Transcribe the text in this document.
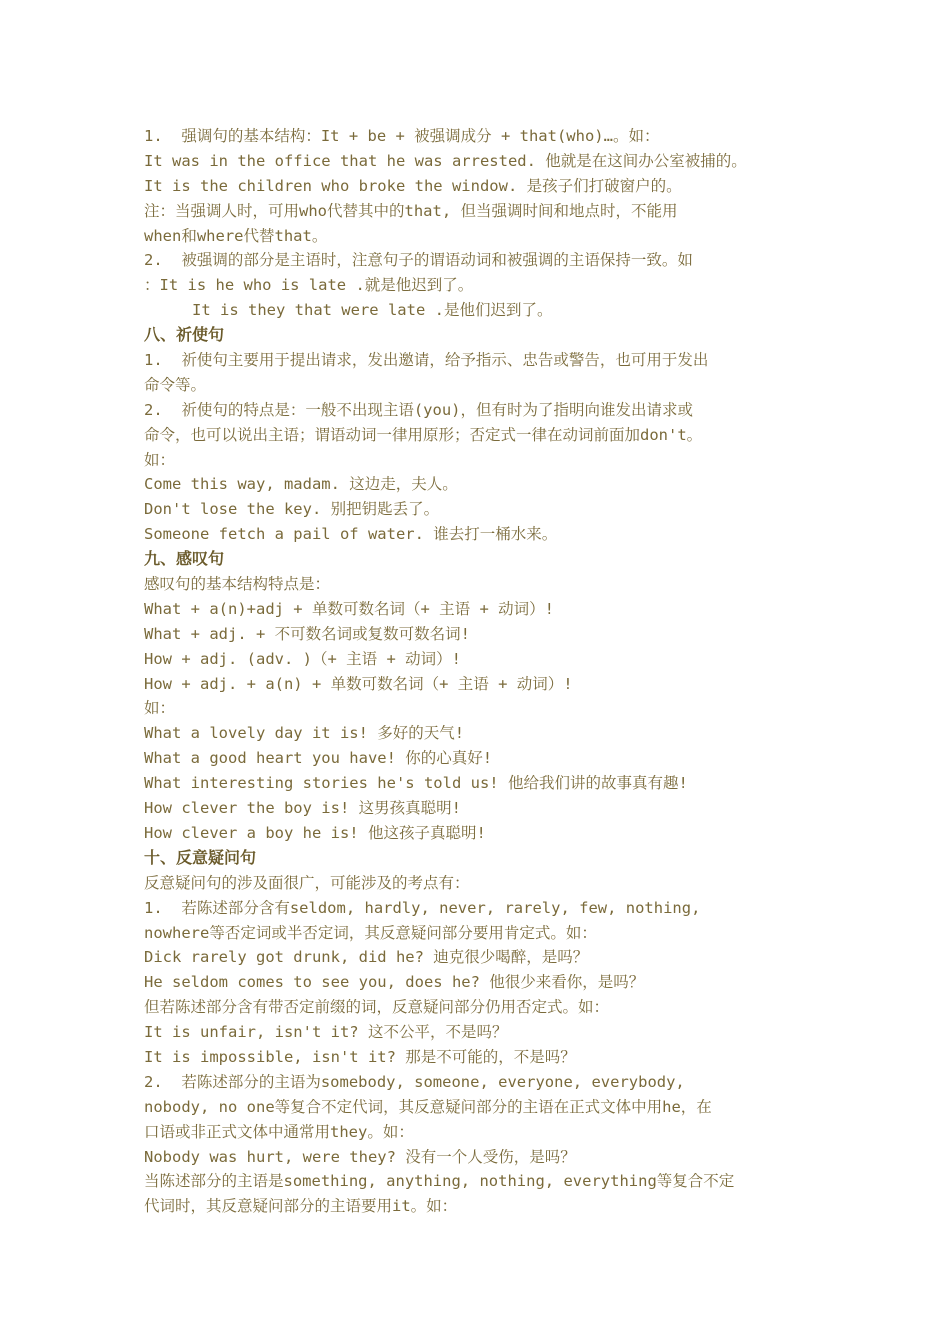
1.  强调句的基本结构：It + be + 被强调成分 + that(who)…。如：
It was in the office that he was arrested. 他就是在这间办公室被捕的。
It is the children who broke the window. 是孩子们打破窗户的。
注：当强调人时，可用who代替其中的that, 但当强调时间和地点时，不能用
when和where代替that。
2.  被强调的部分是主语时，注意句子的谓语动词和被强调的主语保持一致。如
：It is he who is late .就是他迟到了。
It is they that were late .是他们迟到了。
八、祈使句
1.  祈使句主要用于提出请求，发出邀请，给予指示、忠告或警告，也可用于发出
命令等。
2.  祈使句的特点是：一般不出现主语(you)，但有时为了指明向谁发出请求或
命令，也可以说出主语；谓语动词一律用原形；否定式一律在动词前面加don't。
如：
Come this way, madam. 这边走，夫人。
Don't lose the key. 别把钥匙丢了。
Someone fetch a pail of water. 谁去打一桶水来。
九、感叹句
感叹句的基本结构特点是：
What + a(n)+adj + 单数可数名词（+ 主语 + 动词）!
What + adj. + 不可数名词或复数可数名词!
How + adj. (adv. )（+ 主语 + 动词）!
How + adj. + a(n) + 单数可数名词（+ 主语 + 动词）!
如：
What a lovely day it is! 多好的天气!
What a good heart you have! 你的心真好!
What interesting stories he's told us! 他给我们讲的故事真有趣!
How clever the boy is! 这男孩真聪明!
How clever a boy he is! 他这孩子真聪明!
十、反意疑问句
反意疑问句的涉及面很广，可能涉及的考点有：
1.  若陈述部分含有seldom, hardly, never, rarely, few, nothing,
nowhere等否定词或半否定词，其反意疑问部分要用肯定式。如：
Dick rarely got drunk, did he? 迪克很少喝醉，是吗？
He seldom comes to see you, does he? 他很少来看你，是吗？
但若陈述部分含有带否定前缀的词，反意疑问部分仍用否定式。如：
It is unfair, isn't it? 这不公平，不是吗？
It is impossible, isn't it? 那是不可能的，不是吗？
2.  若陈述部分的主语为somebody, someone, everyone, everybody,
nobody, no one等复合不定代词，其反意疑问部分的主语在正式文体中用he，在
口语或非正式文体中通常用they。如：
Nobody was hurt, were they? 没有一个人受伤，是吗？
当陈述部分的主语是something, anything, nothing, everything等复合不定
代词时，其反意疑问部分的主语要用it。如：
